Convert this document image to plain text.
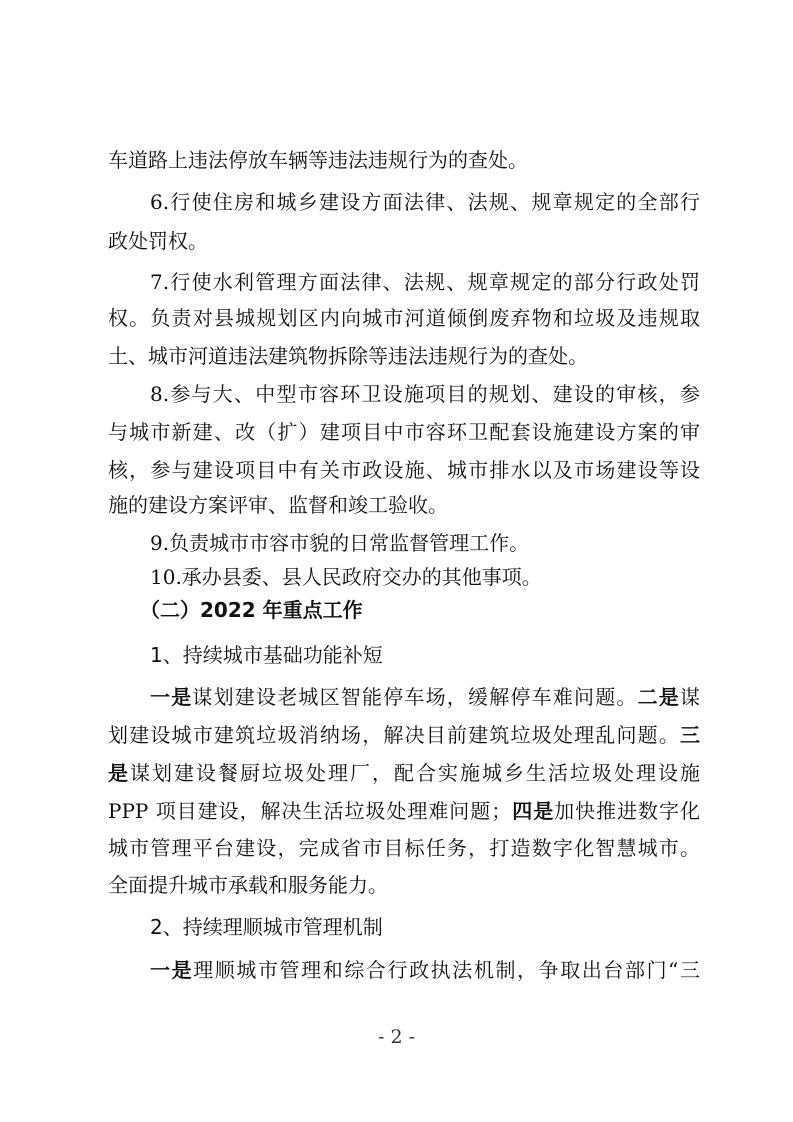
车道路上违法停放车辆等违法违规行为的查处。
6.行使住房和城乡建设方面法律、法规、规章规定的全部行
政处罚权。
7.行使水利管理方面法律、法规、规章规定的部分行政处罚
权。负责对县城规划区内向城市河道倾倒废弃物和垃圾及违规取
土、城市河道违法建筑物拆除等违法违规行为的查处。
8.参与大、中型市容环卫设施项目的规划、建设的审核，参
与城市新建、改（扩）建项目中市容环卫配套设施建设方案的审
核，参与建设项目中有关市政设施、城市排水以及市场建设等设
施的建设方案评审、监督和竣工验收。
9.负责城市市容市貌的日常监督管理工作。
10.承办县委、县人民政府交办的其他事项。
（二）2022 年重点工作
1、持续城市基础功能补短
一是谋划建设老城区智能停车场，缓解停车难问题。二是谋
划建设城市建筑垃圾消纳场，解决目前建筑垃圾处理乱问题。三
是谋划建设餐厨垃圾处理厂，配合实施城乡生活垃圾处理设施
PPP 项目建设，解决生活垃圾处理难问题；四是加快推进数字化
城市管理平台建设，完成省市目标任务，打造数字化智慧城市。
全面提升城市承载和服务能力。
2、持续理顺城市管理机制
一是理顺城市管理和综合行政执法机制，争取出台部门“三
- 2 -
